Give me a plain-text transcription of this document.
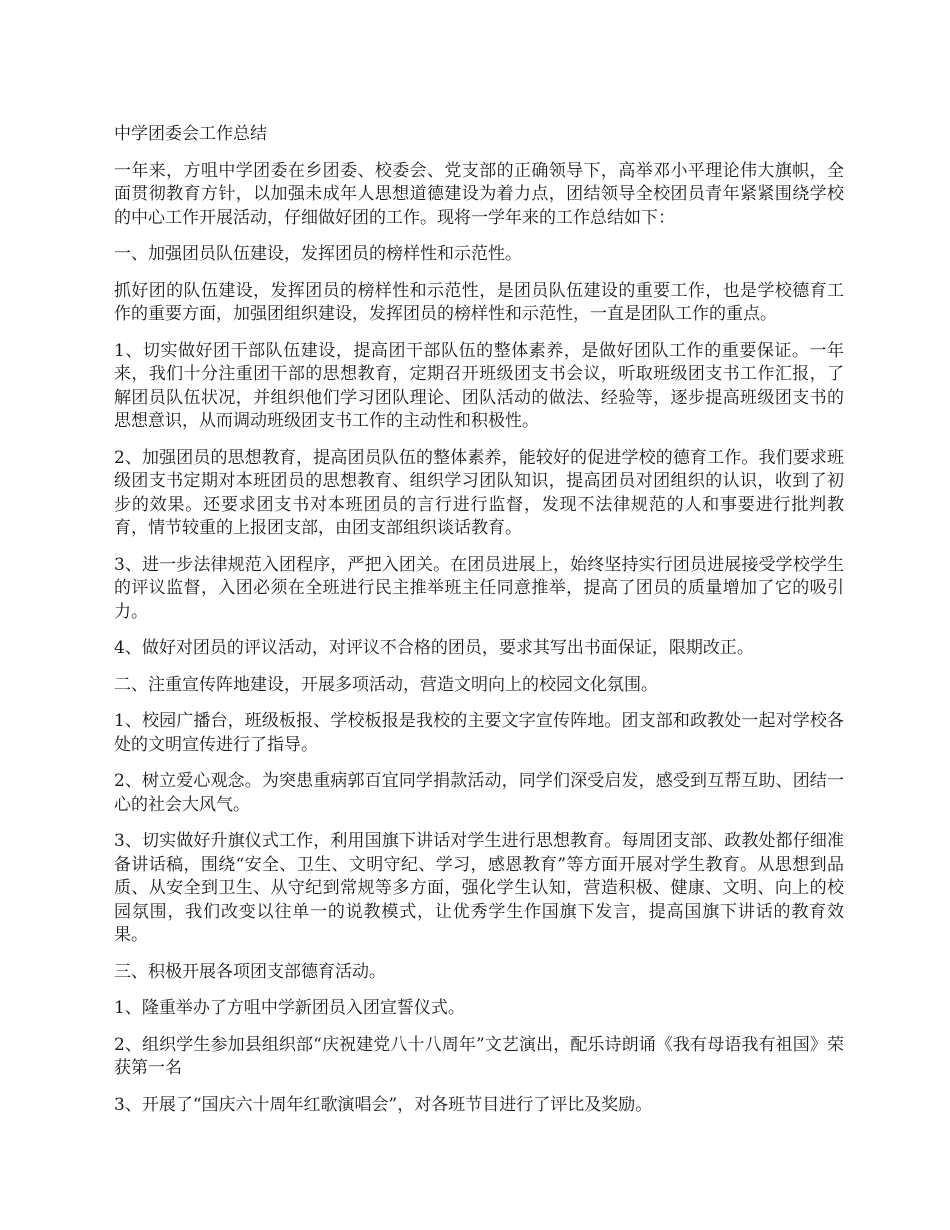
中学团委会工作总结

一年来，方咀中学团委在乡团委、校委会、党支部的正确领导下，高举邓小平理论伟大旗帜，全面贯彻教育方针，以加强未成年人思想道德建设为着力点，团结领导全校团员青年紧紧围绕学校的中心工作开展活动，仔细做好团的工作。现将一学年来的工作总结如下：

一、加强团员队伍建设，发挥团员的榜样性和示范性。

抓好团的队伍建设，发挥团员的榜样性和示范性，是团员队伍建设的重要工作，也是学校德育工作的重要方面，加强团组织建设，发挥团员的榜样性和示范性，一直是团队工作的重点。

1、切实做好团干部队伍建设，提高团干部队伍的整体素养，是做好团队工作的重要保证。一年来，我们十分注重团干部的思想教育，定期召开班级团支书会议，听取班级团支书工作汇报，了解团员队伍状况，并组织他们学习团队理论、团队活动的做法、经验等，逐步提高班级团支书的思想意识，从而调动班级团支书工作的主动性和积极性。

2、加强团员的思想教育，提高团员队伍的整体素养，能较好的促进学校的德育工作。我们要求班级团支书定期对本班团员的思想教育、组织学习团队知识，提高团员对团组织的认识，收到了初步的效果。还要求团支书对本班团员的言行进行监督，发现不法律规范的人和事要进行批判教育，情节较重的上报团支部，由团支部组织谈话教育。

3、进一步法律规范入团程序，严把入团关。在团员进展上，始终坚持实行团员进展接受学校学生的评议监督，入团必须在全班进行民主推举班主任同意推举，提高了团员的质量增加了它的吸引力。

4、做好对团员的评议活动，对评议不合格的团员，要求其写出书面保证，限期改正。

二、注重宣传阵地建设，开展多项活动，营造文明向上的校园文化氛围。

1、校园广播台，班级板报、学校板报是我校的主要文字宣传阵地。团支部和政教处一起对学校各处的文明宣传进行了指导。

2、树立爱心观念。为突患重病郭百宜同学捐款活动，同学们深受启发，感受到互帮互助、团结一心的社会大风气。

3、切实做好升旗仪式工作，利用国旗下讲话对学生进行思想教育。每周团支部、政教处都仔细准备讲话稿，围绕“安全、卫生、文明守纪、学习，感恩教育”等方面开展对学生教育。从思想到品质、从安全到卫生、从守纪到常规等多方面，强化学生认知，营造积极、健康、文明、向上的校园氛围，我们改变以往单一的说教模式，让优秀学生作国旗下发言，提高国旗下讲话的教育效果。

三、积极开展各项团支部德育活动。

1、隆重举办了方咀中学新团员入团宣誓仪式。

2、组织学生参加县组织部“庆祝建党八十八周年”文艺演出，配乐诗朗诵《我有母语我有祖国》荣获第一名

3、开展了“国庆六十周年红歌演唱会”，对各班节目进行了评比及奖励。
